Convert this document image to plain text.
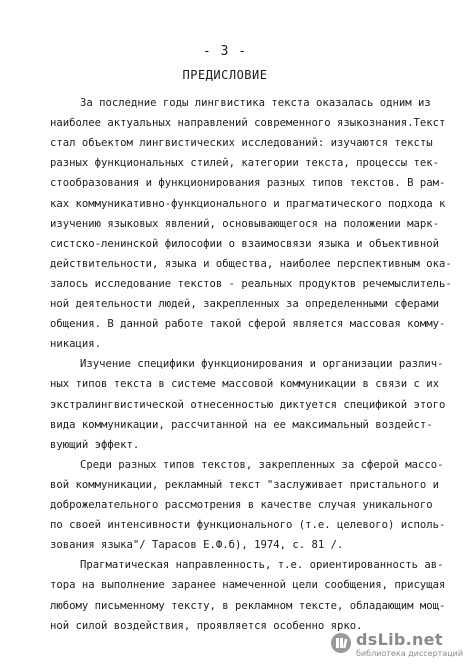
- 3 -
ПРЕДИСЛОВИЕ
За последние годы лингвистика текста оказалась одним из
наиболее актуальных направлений современного языкознания.Текст
стал объектом лингвистических исследований: изучаются тексты
разных функциональных стилей, категории текста, процессы тек-
стообразования и функционирования разных типов текстов. В рам-
ках коммуникативно-функционального и прагматического подхода к
изучению языковых явлений, основывающегося на положении марк-
систско-ленинской философии о взаимосвязи языка и объективной
действительности, языка и общества, наиболее перспективным ока-
залось исследование текстов - реальных продуктов речемыслитель-
ной деятельности людей, закрепленных за определенными сферами
общения. В данной работе такой сферой является массовая комму-
никация.
Изучение специфики функционирования и организации различ-
ных типов текста в системе массовой коммуникации в связи с их
экстралингвистической отнесенностью диктуется спецификой этого
вида коммуникации, рассчитанной на ее максимальный воздейст-
вующий эффект.
Среди разных типов текстов, закрепленных за сферой массо-
вой коммуникации, рекламный текст "заслуживает пристального и
доброжелательного рассмотрения в качестве случая уникального
по своей интенсивности функционального (т.е. целевого) исполь-
зования языка"/ Тарасов Е.Ф.б), 1974, с. 81 /.
Прагматическая направленность, т.е. ориентированность ав-
тора на выполнение заранее намеченной цели сообщения, присущая
любому письменному тексту, в рекламном тексте, обладающим мощ-
ной силой воздействия, проявляется особенно ярко.
dsLib.net
библиотека диссертаций
